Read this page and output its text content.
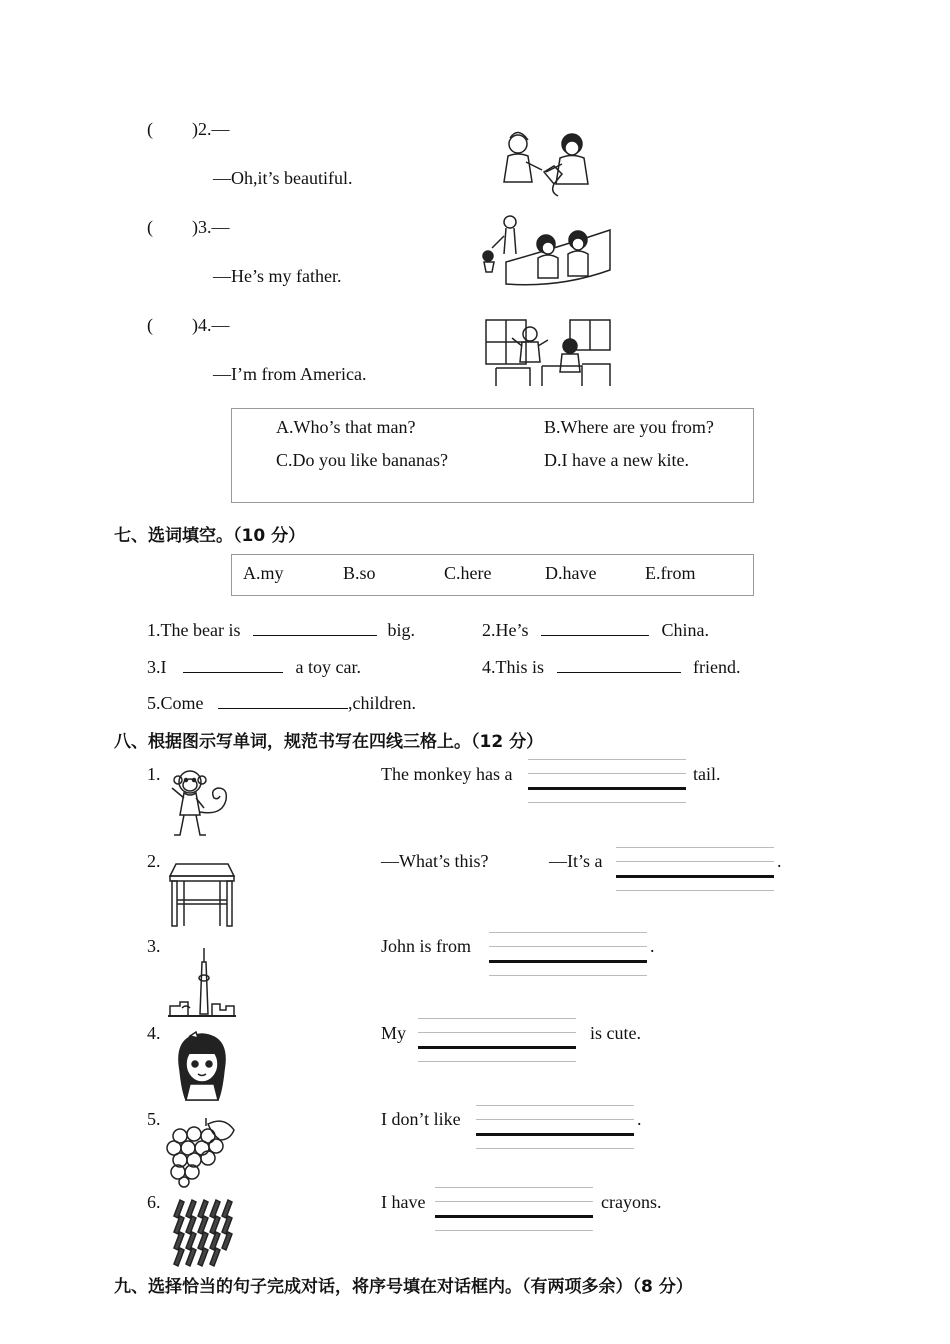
( )2.—
—Oh,it’s beautiful.
( )3.—
—He’s my father.
( )4.—
—I’m from America.
A.Who’s that man?	B.Where are you from?
C.Do you like bananas?	D.I have a new kite.
七、选词填空。（10 分）
A.my	B.so	C.here	D.have	E.from
1.The bear is	big.	2.He’s	China.
3.I	a toy car.	4.This is	friend.
5.Come	,children.
八、根据图示写单词，规范书写在四线三格上。（12 分）
1.	The monkey has a	tail.
2.	—What’s this?	—It’s a	.
3.	John is from	.
4.	My	is cute.
5.	I don’t like	.
6.	I have	crayons.
九、选择恰当的句子完成对话，将序号填在对话框内。（有两项多余）（8 分）
